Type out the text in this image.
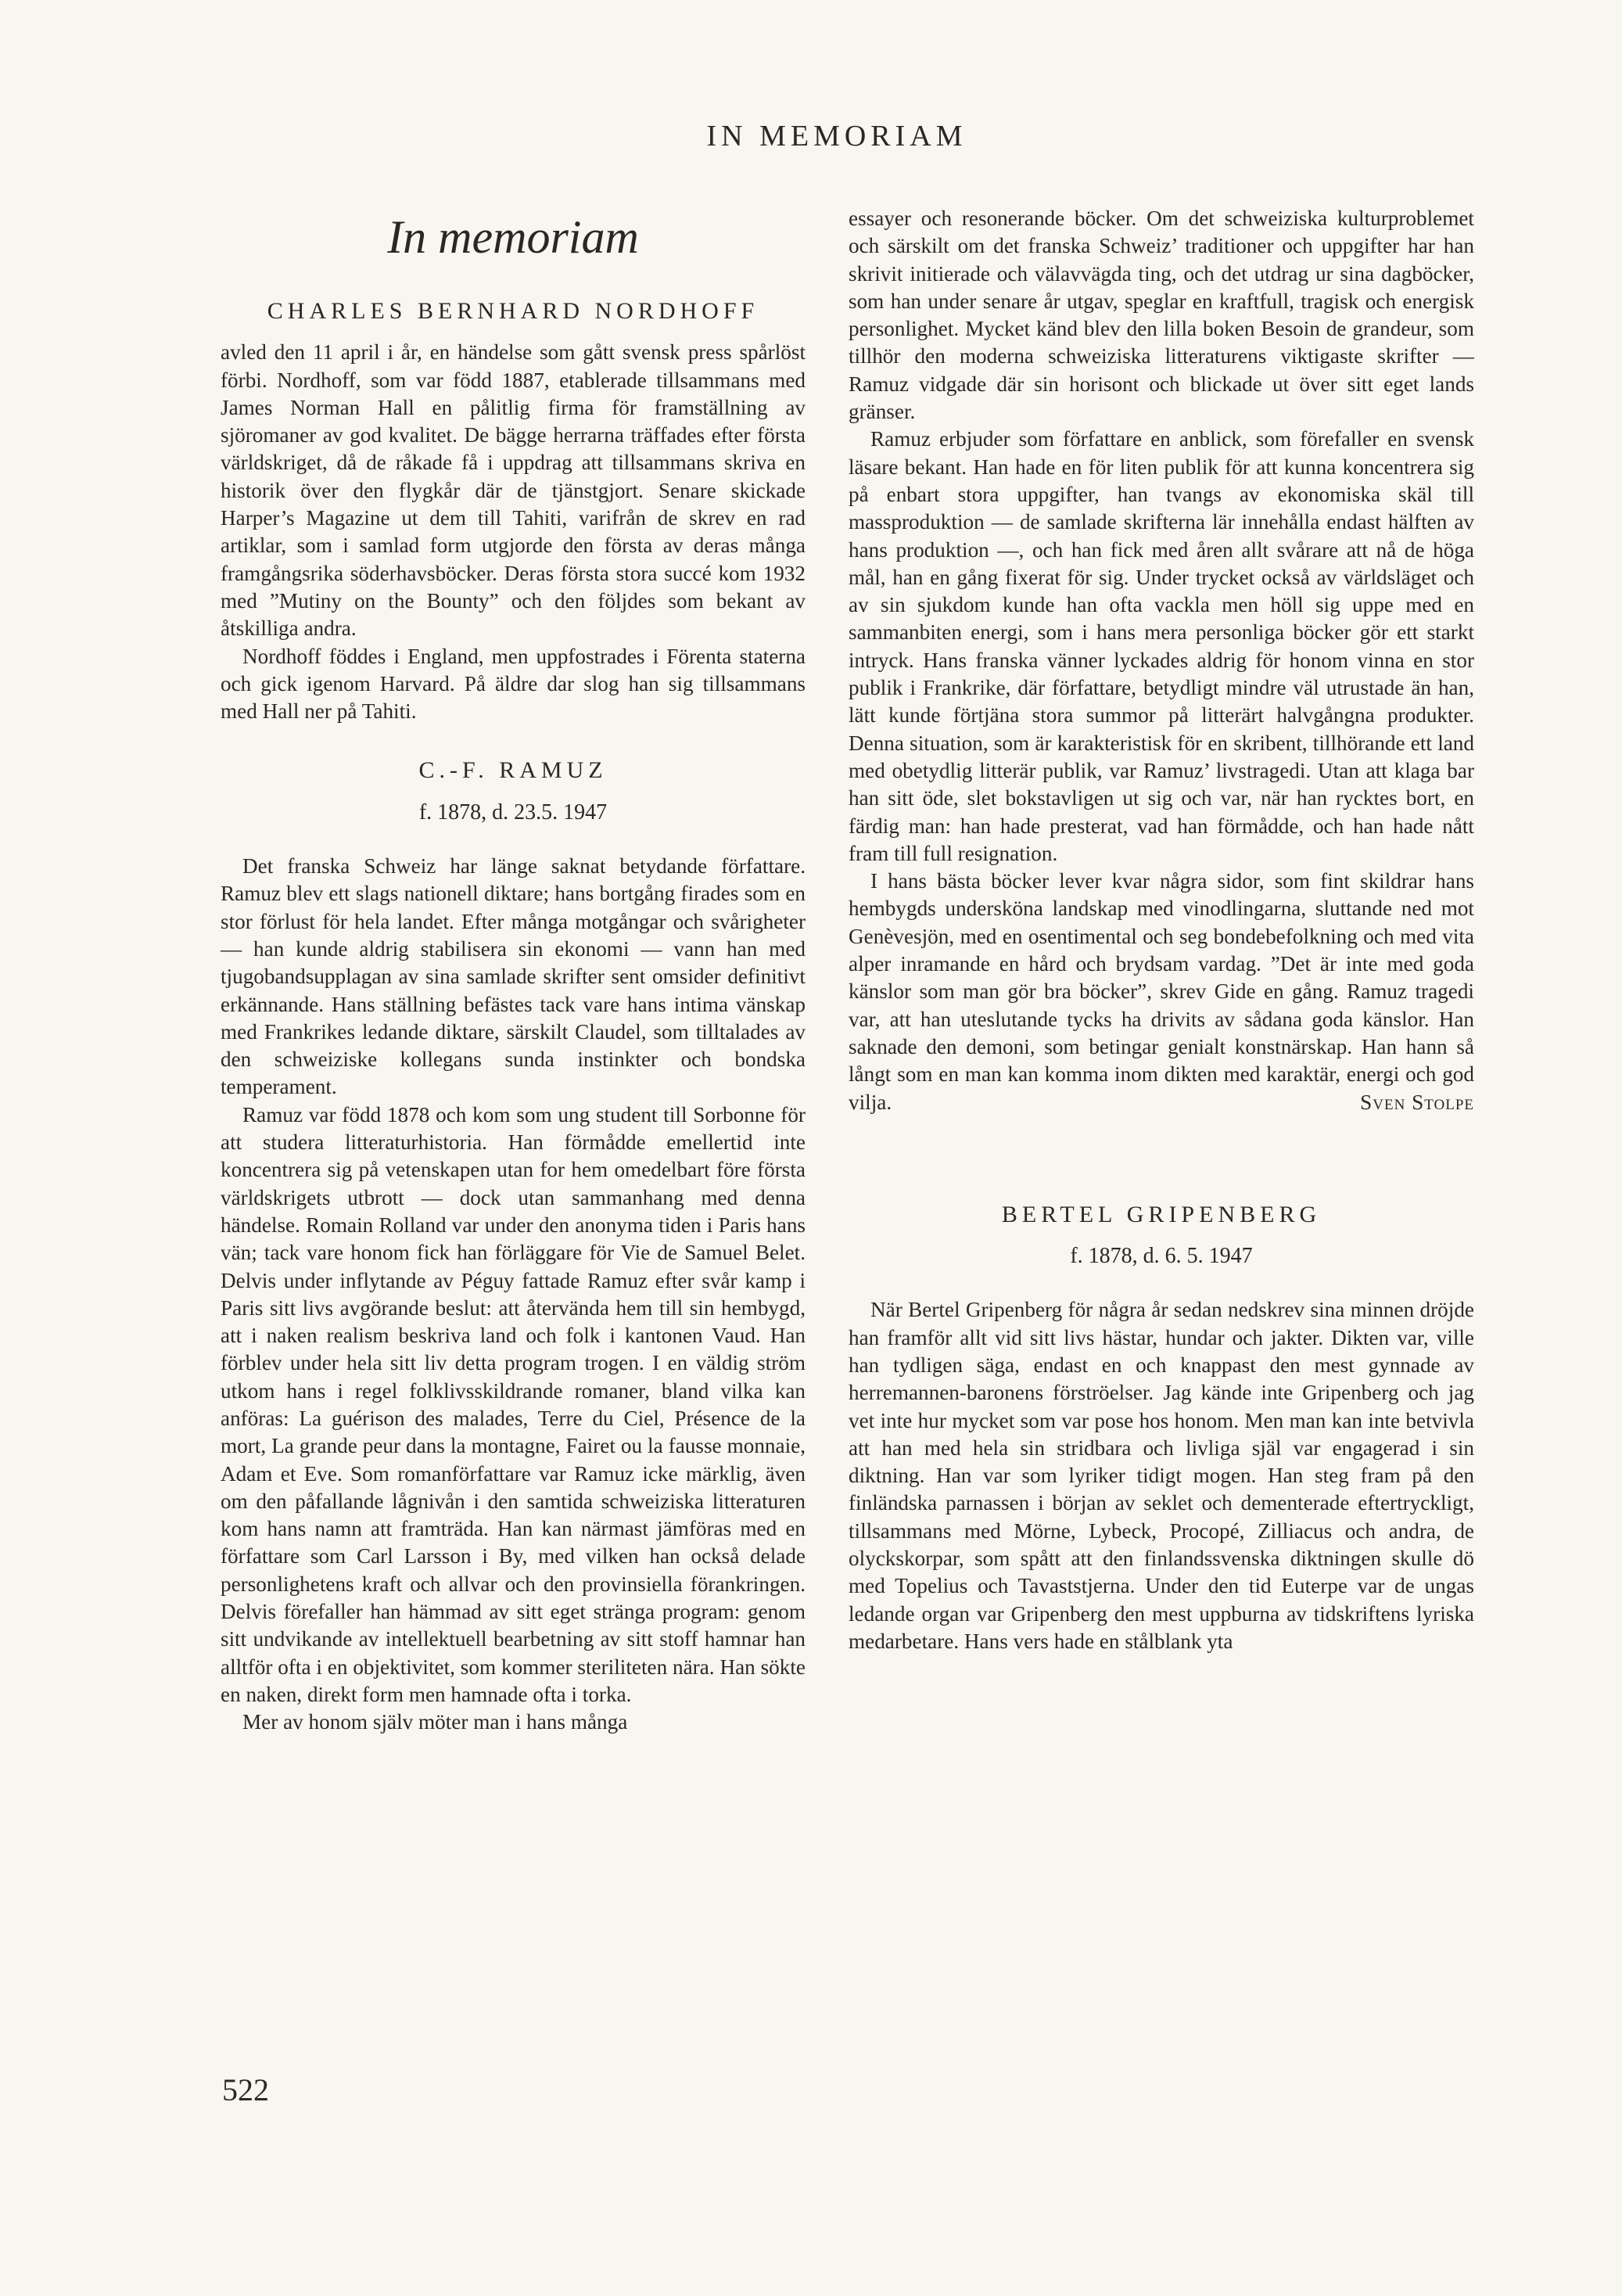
IN MEMORIAM
In memoriam
CHARLES BERNHARD NORDHOFF

avled den 11 april i år, en händelse som gått svensk press spårlöst förbi. Nordhoff, som var född 1887, etablerade tillsammans med James Norman Hall en pålitlig firma för framställning av sjöromaner av god kvalitet. De bägge herrarna träffades efter första världskriget, då de råkade få i uppdrag att tillsammans skriva en historik över den flygkår där de tjänstgjort. Senare skickade Harper’s Magazine ut dem till Tahiti, varifrån de skrev en rad artiklar, som i samlad form utgjorde den första av deras många framgångsrika söderhavsböcker. Deras första stora succé kom 1932 med ”Mutiny on the Bounty” och den följdes som bekant av åtskilliga andra.

Nordhoff föddes i England, men uppfostrades i Förenta staterna och gick igenom Harvard. På äldre dar slog han sig tillsammans med Hall ner på Tahiti.

C.-F. RAMUZ
f. 1878, d. 23.5. 1947

Det franska Schweiz har länge saknat betydande författare. Ramuz blev ett slags nationell diktare; hans bortgång firades som en stor förlust för hela landet. Efter många motgångar och svårigheter — han kunde aldrig stabilisera sin ekonomi — vann han med tjugobandsupplagan av sina samlade skrifter sent omsider definitivt erkännande. Hans ställning befästes tack vare hans intima vänskap med Frankrikes ledande diktare, särskilt Claudel, som tilltalades av den schweiziske kollegans sunda instinkter och bondska temperament.

Ramuz var född 1878 och kom som ung student till Sorbonne för att studera litteraturhistoria. Han förmådde emellertid inte koncentrera sig på vetenskapen utan for hem omedelbart före första världskrigets utbrott — dock utan sammanhang med denna händelse. Romain Rolland var under den anonyma tiden i Paris hans vän; tack vare honom fick han förläggare för Vie de Samuel Belet. Delvis under inflytande av Péguy fattade Ramuz efter svår kamp i Paris sitt livs avgörande beslut: att återvända hem till sin hembygd, att i naken realism beskriva land och folk i kantonen Vaud. Han förblev under hela sitt liv detta program trogen. I en väldig ström utkom hans i regel folklivsskildrande romaner, bland vilka kan anföras: La guérison des malades, Terre du Ciel, Présence de la mort, La grande peur dans la montagne, Fairet ou la fausse monnaie, Adam et Eve. Som romanförfattare var Ramuz icke märklig, även om den påfallande lågnivån i den samtida schweiziska litteraturen kom hans namn att framträda. Han kan närmast jämföras med en författare som Carl Larsson i By, med vilken han också delade personlighetens kraft och allvar och den provinsiella förankringen. Delvis förefaller han hämmad av sitt eget stränga program: genom sitt undvikande av intellektuell bearbetning av sitt stoff hamnar han alltför ofta i en objektivitet, som kommer steriliteten nära. Han sökte en naken, direkt form men hamnade ofta i torka.

Mer av honom själv möter man i hans många

essayer och resonerande böcker. Om det schweiziska kulturproblemet och särskilt om det franska Schweiz’ traditioner och uppgifter har han skrivit initierade och välavvägda ting, och det utdrag ur sina dagböcker, som han under senare år utgav, speglar en kraftfull, tragisk och energisk personlighet. Mycket känd blev den lilla boken Besoin de grandeur, som tillhör den moderna schweiziska litteraturens viktigaste skrifter — Ramuz vidgade där sin horisont och blickade ut över sitt eget lands gränser.

Ramuz erbjuder som författare en anblick, som förefaller en svensk läsare bekant. Han hade en för liten publik för att kunna koncentrera sig på enbart stora uppgifter, han tvangs av ekonomiska skäl till massproduktion — de samlade skrifterna lär innehålla endast hälften av hans produktion —, och han fick med åren allt svårare att nå de höga mål, han en gång fixerat för sig. Under trycket också av världsläget och av sin sjukdom kunde han ofta vackla men höll sig uppe med en sammanbiten energi, som i hans mera personliga böcker gör ett starkt intryck. Hans franska vänner lyckades aldrig för honom vinna en stor publik i Frankrike, där författare, betydligt mindre väl utrustade än han, lätt kunde förtjäna stora summor på litterärt halvgångna produkter. Denna situation, som är karakteristisk för en skribent, tillhörande ett land med obetydlig litterär publik, var Ramuz’ livstragedi. Utan att klaga bar han sitt öde, slet bokstavligen ut sig och var, när han rycktes bort, en färdig man: han hade presterat, vad han förmådde, och han hade nått fram till full resignation.

I hans bästa böcker lever kvar några sidor, som fint skildrar hans hembygds undersköna landskap med vinodlingarna, sluttande ned mot Genèvesjön, med en osentimental och seg bondebefolkning och med vita alper inramande en hård och brydsam vardag. ”Det är inte med goda känslor som man gör bra böcker”, skrev Gide en gång. Ramuz tragedi var, att han uteslutande tycks ha drivits av sådana goda känslor. Han saknade den demoni, som betingar genialt konstnärskap. Han hann så långt som en man kan komma inom dikten med karaktär, energi och god vilja.	Sven Stolpe

BERTEL GRIPENBERG
f. 1878, d. 6. 5. 1947

När Bertel Gripenberg för några år sedan nedskrev sina minnen dröjde han framför allt vid sitt livs hästar, hundar och jakter. Dikten var, ville han tydligen säga, endast en och knappast den mest gynnade av herremannen-baronens förströelser. Jag kände inte Gripenberg och jag vet inte hur mycket som var pose hos honom. Men man kan inte betvivla att han med hela sin stridbara och livliga själ var engagerad i sin diktning. Han var som lyriker tidigt mogen. Han steg fram på den finländska parnassen i början av seklet och dementerade eftertryckligt, tillsammans med Mörne, Lybeck, Procopé, Zilliacus och andra, de olyckskorpar, som spått att den finlandssvenska diktningen skulle dö med Topelius och Tavaststjerna. Under den tid Euterpe var de ungas ledande organ var Gripenberg den mest uppburna av tidskriftens lyriska medarbetare. Hans vers hade en stålblank yta

522
